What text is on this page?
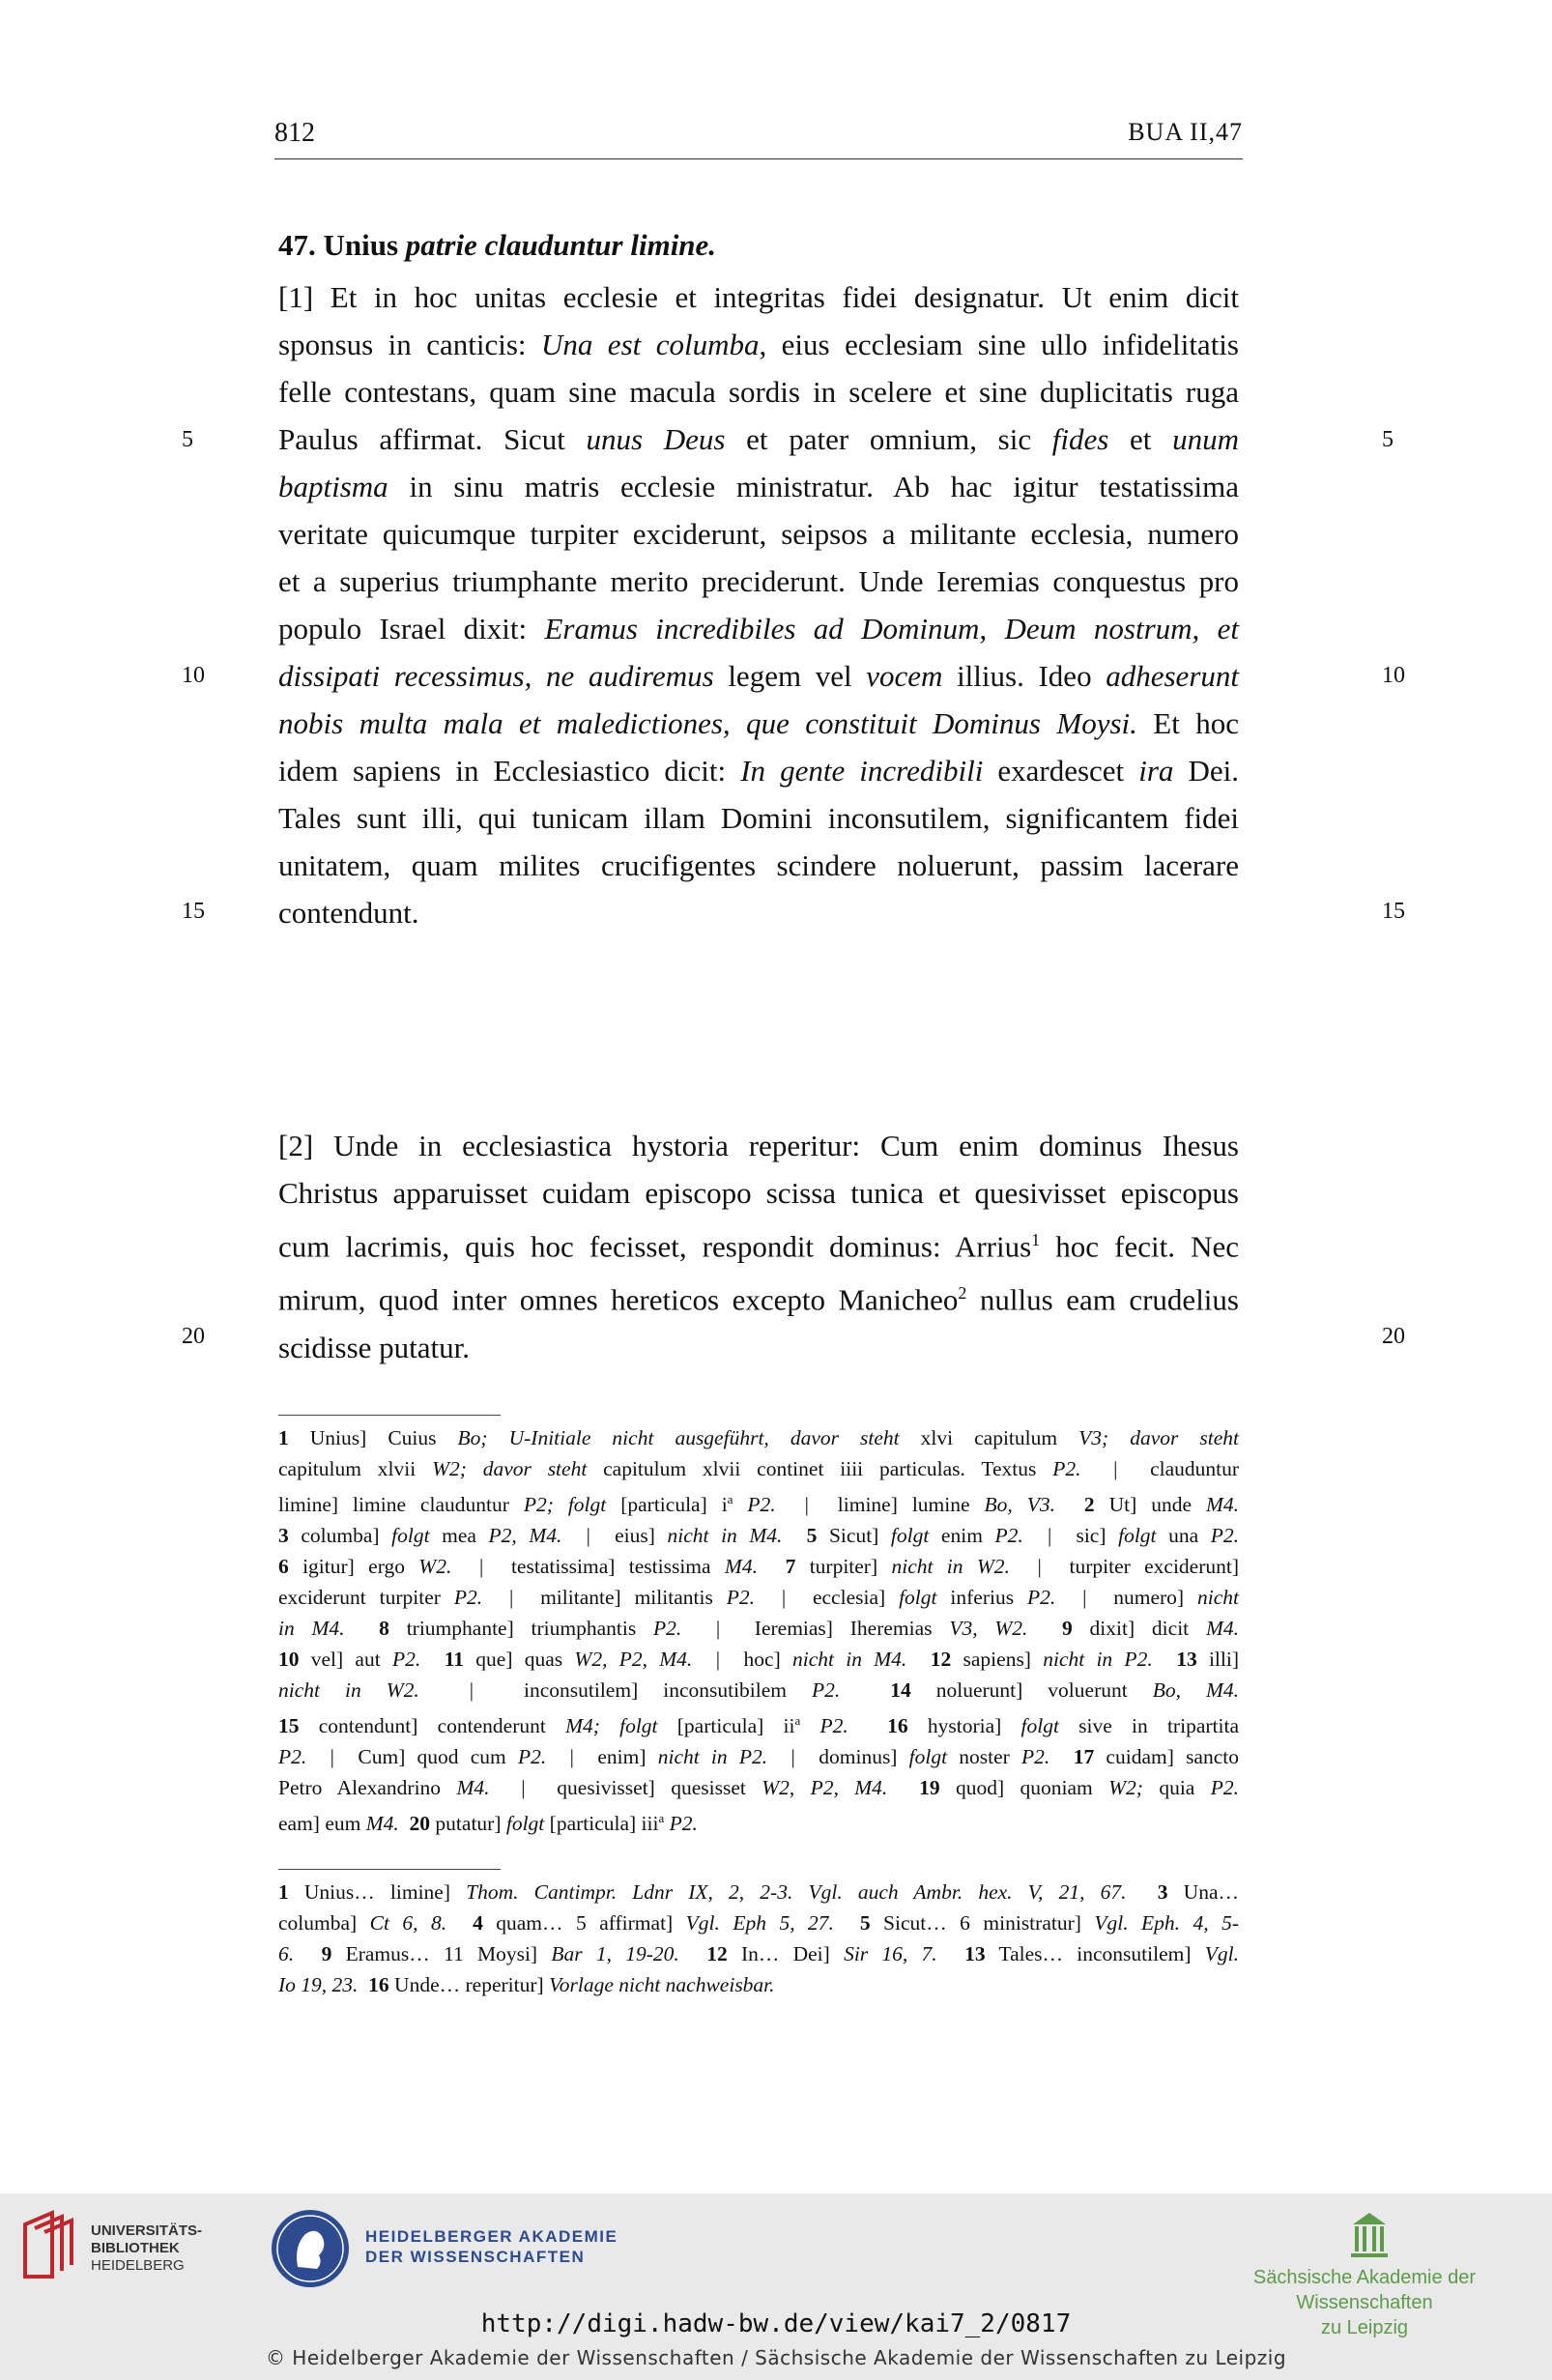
812	BUA II,47
47. Unius patrie clauduntur limine.
[1] Et in hoc unitas ecclesie et integritas fidei designatur. Ut enim dicit
sponsus in canticis: Una est columba, eius ecclesiam sine ullo infidelitatis
felle contestans, quam sine macula sordis in scelere et sine duplicitatis ruga
Paulus affirmat. Sicut unus Deus et pater omnium, sic fides et unum
baptisma in sinu matris ecclesie ministratur. Ab hac igitur testatissima
veritate quicumque turpiter exciderunt, seipsos a militante ecclesia, numero
et a superius triumphante merito preciderunt. Unde Ieremias conquestus pro
populo Israel dixit: Eramus incredibiles ad Dominum, Deum nostrum, et
dissipati recessimus, ne audiremus legem vel vocem illius. Ideo adheserunt
nobis multa mala et maledictiones, que constituit Dominus Moysi. Et hoc
idem sapiens in Ecclesiastico dicit: In gente incredibili exardescet ira Dei.
Tales sunt illi, qui tunicam illam Domini inconsutilem, significantem fidei
unitatem, quam milites crucifigentes scindere noluerunt, passim lacerare
contendunt.
5	5
10	10
15	15
[2] Unde in ecclesiastica hystoria reperitur: Cum enim dominus Ihesus
Christus apparuisset cuidam episcopo scissa tunica et quesivisset episcopus
cum lacrimis, quis hoc fecisset, respondit dominus: Arrius$^1$ hoc fecit. Nec
mirum, quod inter omnes hereticos excepto Manicheo$^2$ nullus eam crudelius
scidisse putatur.
20	20
1 Unius] Cuius Bo; U-Initiale nicht ausgeführt, davor steht xlvi capitulum V3; davor steht
capitulum xlvii W2; davor steht capitulum xlvii continet iiii particulas. Textus P2.  |  clauduntur
limine] limine clauduntur P2; folgt [particula] $i^a$ P2.  |  limine] lumine Bo, V3. 2 Ut] unde M4.
3 columba] folgt mea P2, M4.  |  eius] nicht in M4. 5 Sicut] folgt enim P2.  |  sic] folgt una P2.
6 igitur] ergo W2.  |  testatissima] testissima M4. 7 turpiter] nicht in W2.  |  turpiter exciderunt]
exciderunt turpiter P2.  |  militante] militantis P2.  |  ecclesia] folgt inferius P2.  |  numero] nicht
in M4. 8 triumphante] triumphantis P2.  |  Ieremias] Iheremias V3, W2. 9 dixit] dicit M4.
10 vel] aut P2. 11 que] quas W2, P2, M4.  |  hoc] nicht in M4. 12 sapiens] nicht in P2. 13 illi]
nicht in W2.  |  inconsutilem] inconsutibilem P2. 14 noluerunt] voluerunt Bo, M4.
15 contendunt] contenderunt M4; folgt [particula] $ii^a$ P2. 16 hystoria] folgt sive in tripartita
P2.  |  Cum] quod cum P2.  |  enim] nicht in P2.  |  dominus] folgt noster P2. 17 cuidam] sancto
Petro Alexandrino M4.  |  quesivisset] quesisset W2, P2, M4. 19 quod] quoniam W2; quia P2.
eam] eum M4. 20 putatur] folgt [particula] iii$^a$ P2.
1 Unius… limine] Thom. Cantimpr. Ldnr IX, 2, 2-3. Vgl. auch Ambr. hex. V, 21, 67. 3 Una…
columba] Ct 6, 8. 4 quam… 5 affirmat] Vgl. Eph 5, 27. 5 Sicut… 6 ministratur] Vgl. Eph. 4, 5-
6. 9 Eramus… 11 Moysi] Bar 1, 19-20. 12 In… Dei] Sir 16, 7. 13 Tales… inconsutilem] Vgl.
Io 19, 23. 16 Unde… reperitur] Vorlage nicht nachweisbar.
UNIVERSITÄTS-
BIBLIOTHEK
HEIDELBERG
HEIDELBERGER AKADEMIE
DER WISSENSCHAFTEN
Sächsische Akademie der Wissenschaften
zu Leipzig
http://digi.hadw-bw.de/view/kai7_2/0817
© Heidelberger Akademie der Wissenschaften / Sächsische Akademie der Wissenschaften zu Leipzig
